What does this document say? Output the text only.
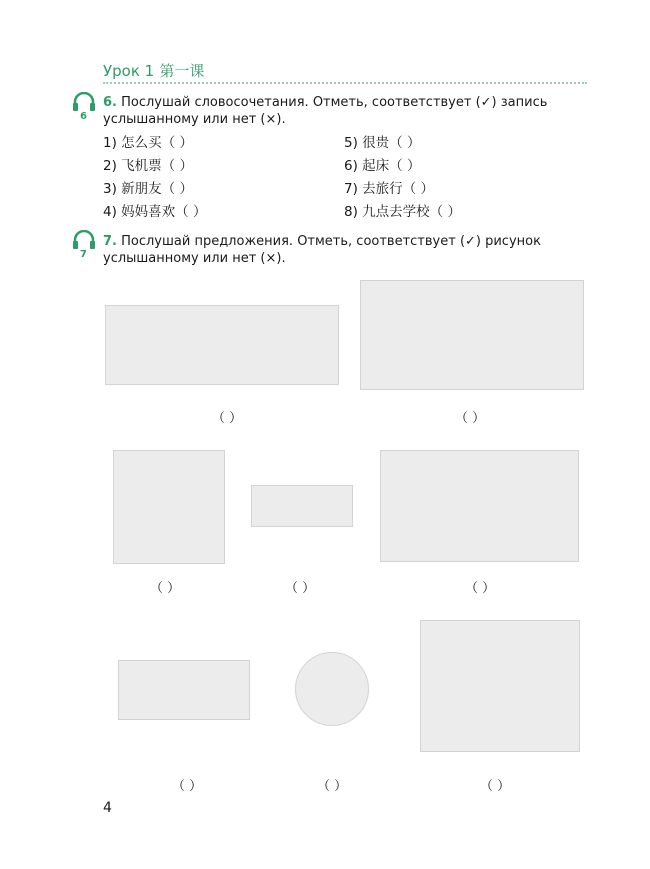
Урок 1 第一课
6
6. Послушай словосочетания. Отметь, соответствует (✓) запись услышанному или нет (×).
1) 怎么买（ ）	5) 很贵（ ）
2) 飞机票（ ）	6) 起床（ ）
3) 新朋友（ ）	7) 去旅行（ ）
4) 妈妈喜欢（ ）	8) 九点去学校（ ）
7
7. Послушай предложения. Отметь, соответствует (✓) рисунок услышанному или нет (×).
（ ）	（ ）
（ ）	（ ）	（ ）
（ ）	（ ）	（ ）
4
